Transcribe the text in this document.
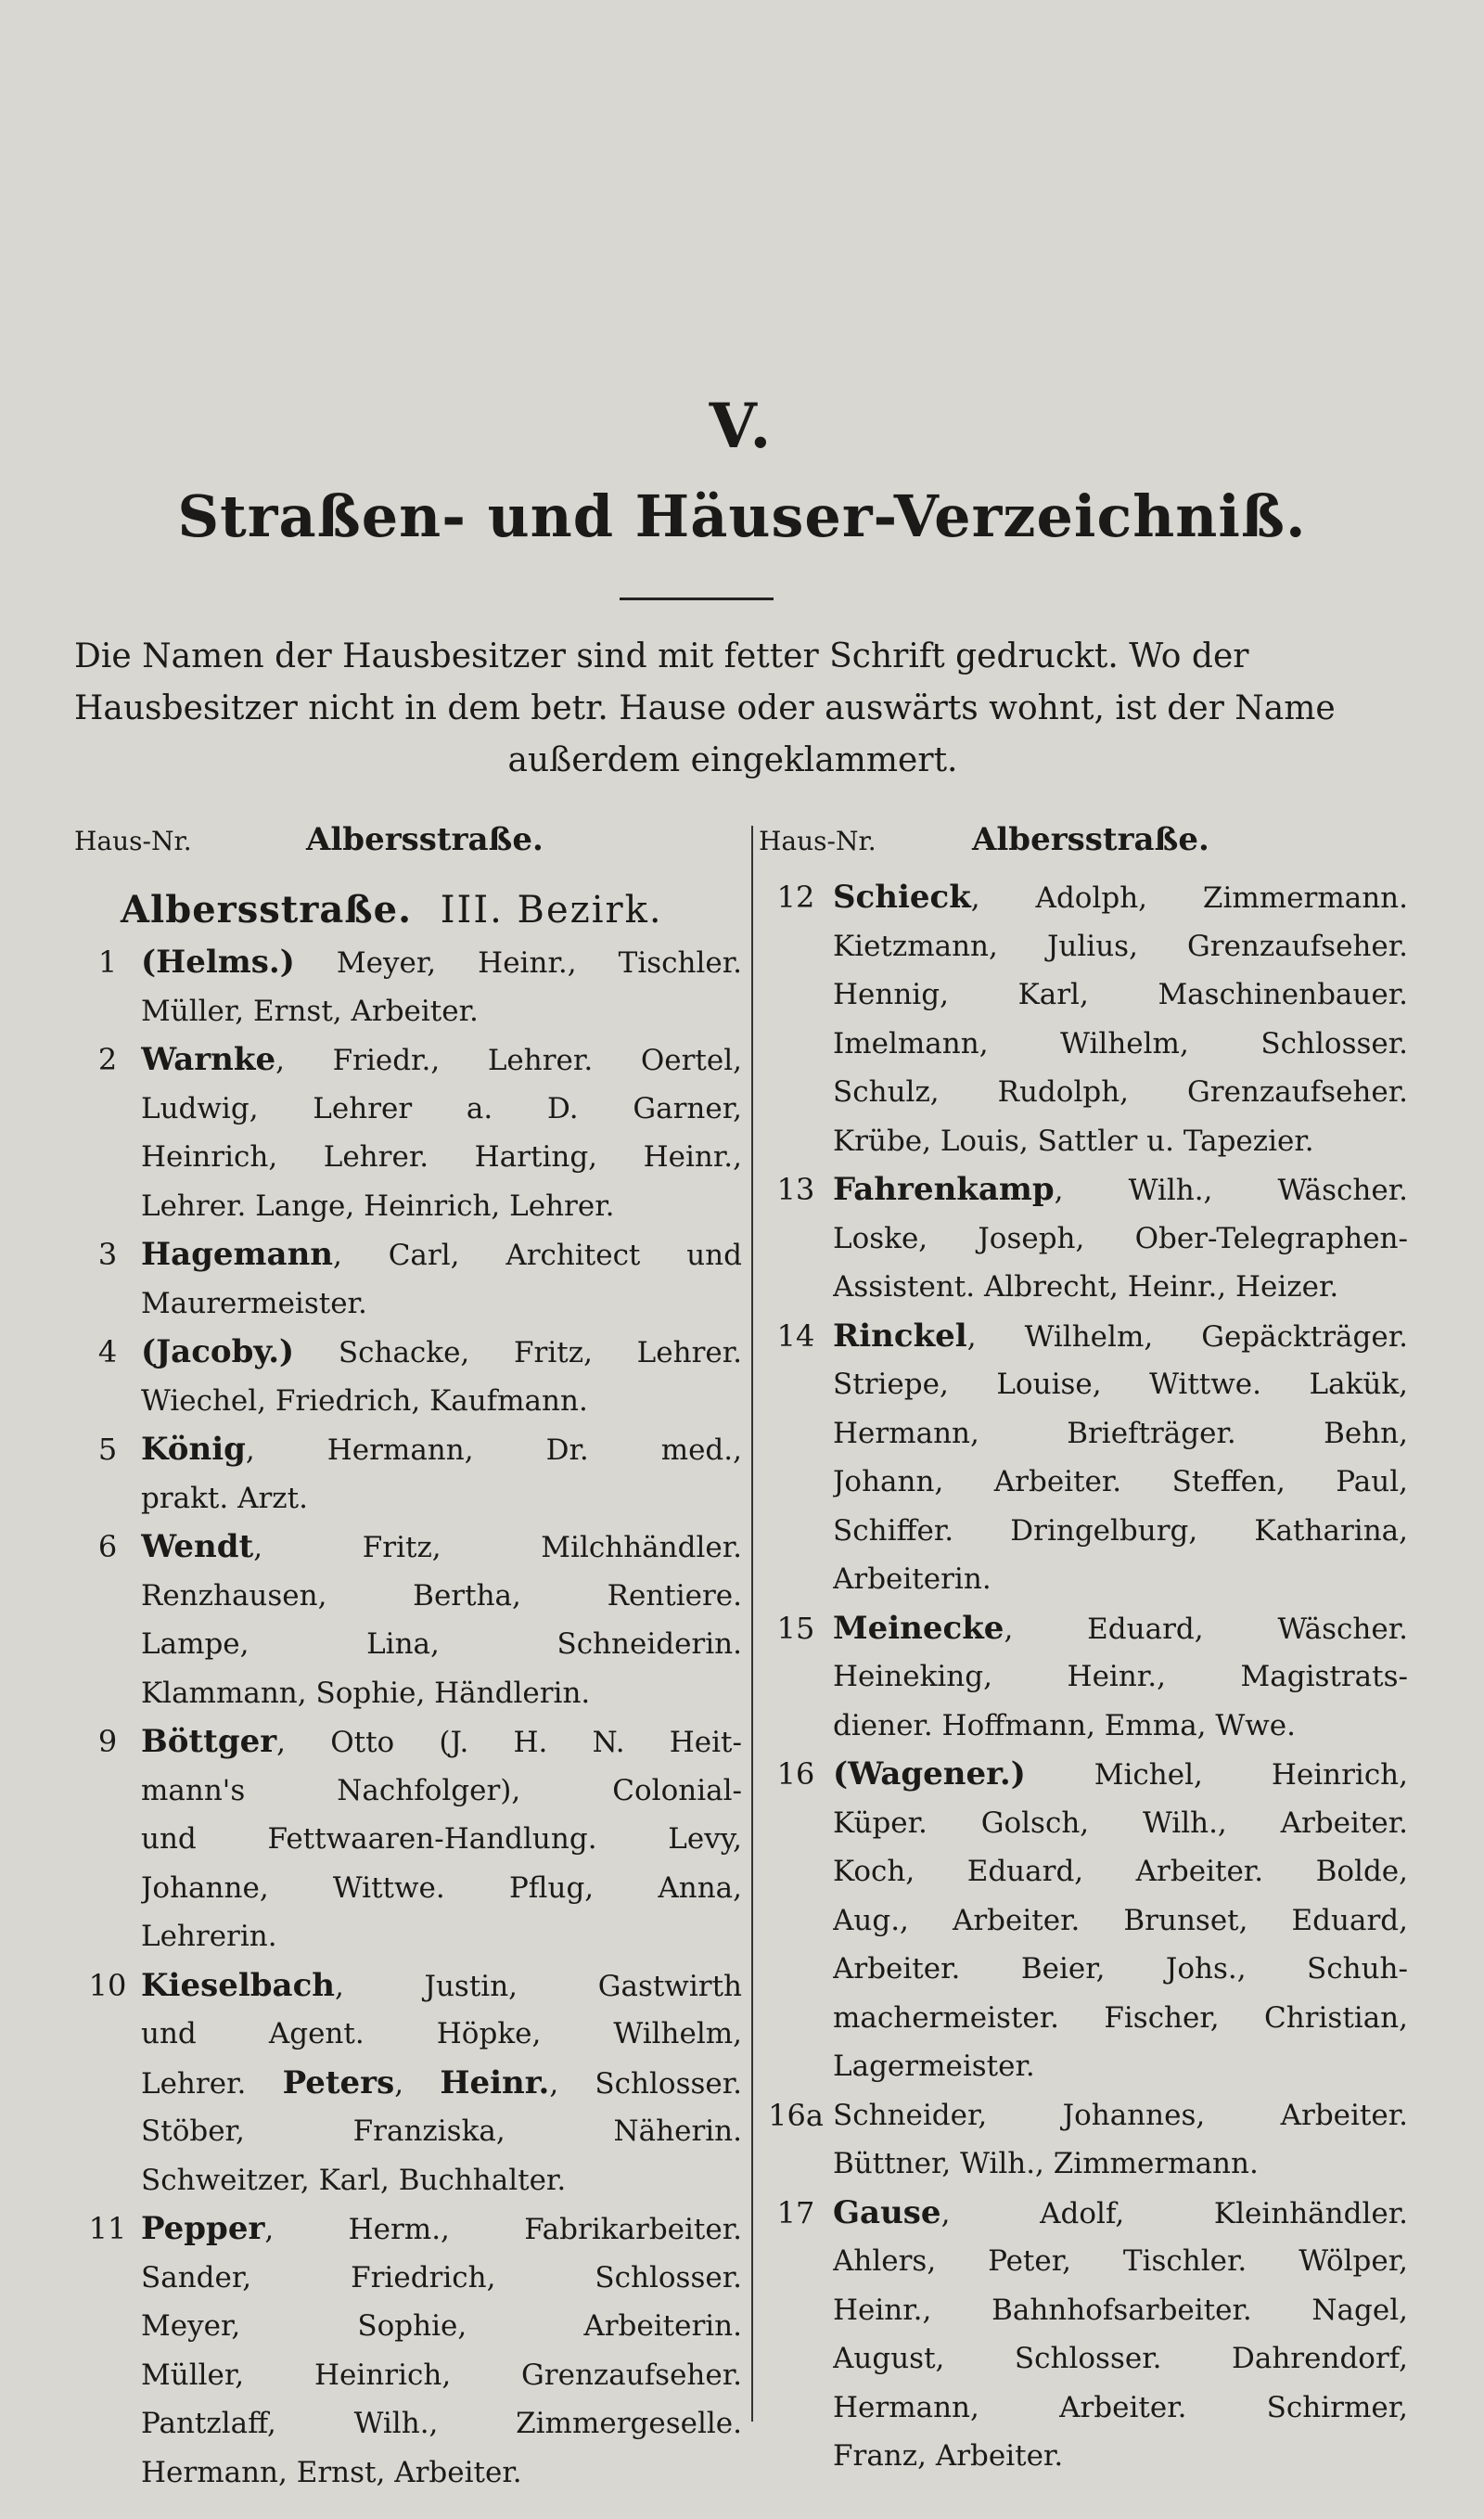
V.
Straßen- und Häuser-Verzeichniß.

Die Namen der Hausbesitzer sind mit fetter Schrift gedruckt. Wo der

Hausbesitzer nicht in dem betr. Hause oder auswärts wohnt, ist der Name

außerdem eingeklammert.

Haus-Nr.	Albersstraße.
Albersstraße. III. Bezirk.
1 (Helms.) Meyer, Heinr., Tischler.
Müller, Ernst, Arbeiter.
2 Warnke, Friedr., Lehrer. Oertel,
Ludwig, Lehrer a. D. Garner,
Heinrich, Lehrer. Harting, Heinr.,
Lehrer. Lange, Heinrich, Lehrer.
3 Hagemann, Carl, Architect und
Maurermeister.
4 (Jacoby.) Schacke, Fritz, Lehrer.
Wiechel, Friedrich, Kaufmann.
5 König, Hermann, Dr. med.,
prakt. Arzt.
6 Wendt, Fritz, Milchhändler.
Renzhausen, Bertha, Rentiere.
Lampe, Lina, Schneiderin.
Klammann, Sophie, Händlerin.
9 Böttger, Otto (J. H. N. Heit-
mann's Nachfolger), Colonial-
und Fettwaaren-Handlung. Levy,
Johanne, Wittwe. Pflug, Anna,
Lehrerin.
10 Kieselbach, Justin, Gastwirth
und Agent. Höpke, Wilhelm,
Lehrer. Peters, Heinr., Schlosser.
Stöber, Franziska, Näherin.
Schweitzer, Karl, Buchhalter.
11 Pepper, Herm., Fabrikarbeiter.
Sander, Friedrich, Schlosser.
Meyer, Sophie, Arbeiterin.
Müller, Heinrich, Grenzaufseher.
Pantzlaff, Wilh., Zimmergeselle.
Hermann, Ernst, Arbeiter.
Haus-Nr.	Albersstraße.
12 Schieck, Adolph, Zimmermann.
Kietzmann, Julius, Grenzaufseher.
Hennig, Karl, Maschinenbauer.
Imelmann, Wilhelm, Schlosser.
Schulz, Rudolph, Grenzaufseher.
Krübe, Louis, Sattler u. Tapezier.
13 Fahrenkamp, Wilh., Wäscher.
Loske, Joseph, Ober-Telegraphen-
Assistent. Albrecht, Heinr., Heizer.
14 Rinckel, Wilhelm, Gepäckträger.
Striepe, Louise, Wittwe. Lakük,
Hermann, Briefträger. Behn,
Johann, Arbeiter. Steffen, Paul,
Schiffer. Dringelburg, Katharina,
Arbeiterin.
15 Meinecke, Eduard, Wäscher.
Heineking, Heinr., Magistrats-
diener. Hoffmann, Emma, Wwe.
16 (Wagener.) Michel, Heinrich,
Küper. Golsch, Wilh., Arbeiter.
Koch, Eduard, Arbeiter. Bolde,
Aug., Arbeiter. Brunset, Eduard,
Arbeiter. Beier, Johs., Schuh-
machermeister. Fischer, Christian,
Lagermeister.
16a Schneider, Johannes, Arbeiter.
Büttner, Wilh., Zimmermann.
17 Gause, Adolf, Kleinhändler.
Ahlers, Peter, Tischler. Wölper,
Heinr., Bahnhofsarbeiter. Nagel,
August, Schlosser. Dahrendorf,
Hermann, Arbeiter. Schirmer,
Franz, Arbeiter.
